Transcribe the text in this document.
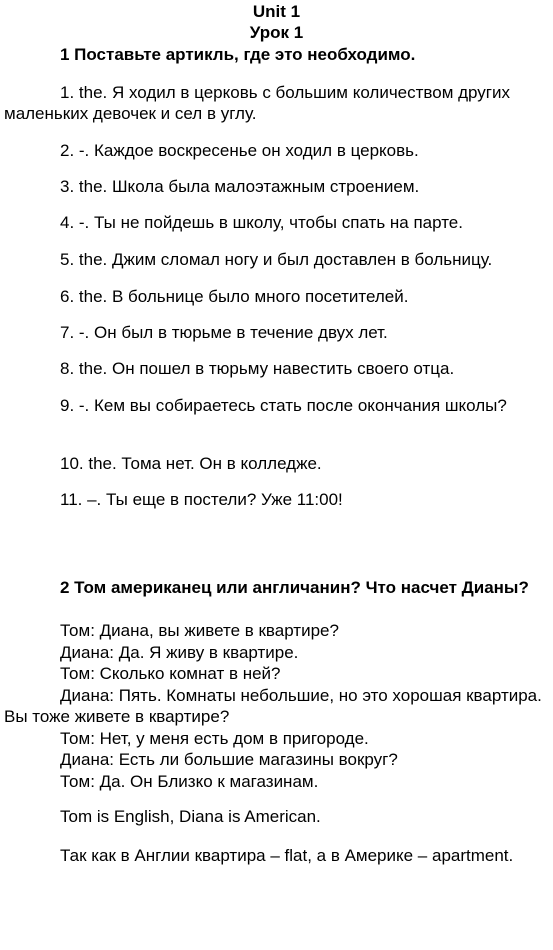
Unit 1
Урок 1
1 Поставьте артикль, где это необходимо.
1. the. Я ходил в церковь с большим количеством других маленьких девочек и сел в углу.
2. -. Каждое воскресенье он ходил в церковь.
3. the. Школа была малоэтажным строением.
4. -. Ты не пойдешь в школу, чтобы спать на парте.
5. the. Джим сломал ногу и был доставлен в больницу.
6. the. В больнице было много посетителей.
7. -. Он был в тюрьме в течение двух лет.
8. the. Он пошел в тюрьму навестить своего отца.
9. -. Кем вы собираетесь стать после окончания школы?
10. the. Тома нет. Он в колледже.
11. –. Ты еще в постели? Уже 11:00!
2 Том американец или англичанин? Что насчет Дианы?
Том: Диана, вы живете в квартире?
Диана: Да. Я живу в квартире.
Том: Сколько комнат в ней?
Диана: Пять. Комнаты небольшие, но это хорошая квартира. Вы тоже живете в квартире?
Том: Нет, у меня есть дом в пригороде.
Диана: Есть ли большие магазины вокруг?
Том: Да. Он Близко к магазинам.
Tom is English, Diana is American.
Так как в Англии квартира – flat, а в Америке – apartment.
